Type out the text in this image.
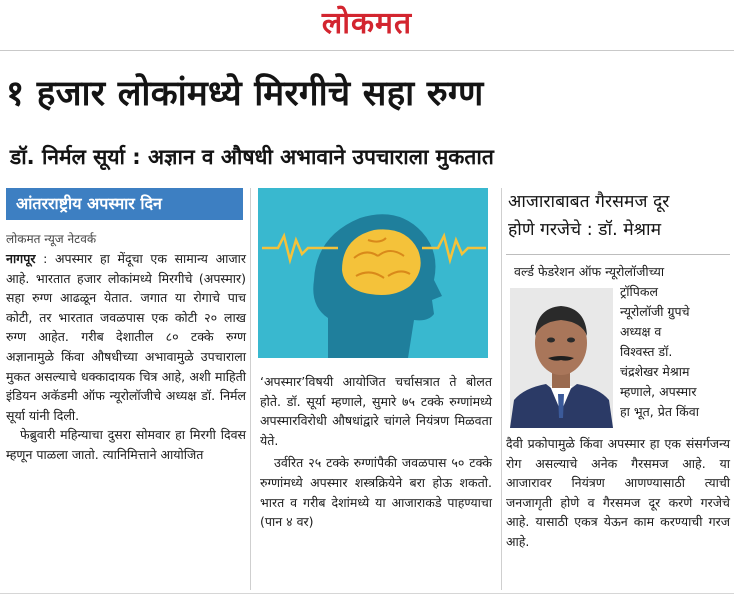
लोकमत
१ हजार लोकांमध्ये मिरगीचे सहा रुग्ण
डॉ. निर्मल सूर्या : अज्ञान व औषधी अभावाने उपचाराला मुकतात
आंतरराष्ट्रीय अपस्मार दिन
लोकमत न्यूज नेटवर्क

नागपूर : अपस्मार हा मेंदूचा एक सामान्य आजार आहे. भारतात हजार लोकांमध्ये मिरगीचे (अपस्मार) सहा रुग्ण आढळून येतात. जगात या रोगाचे पाच कोटी, तर भारतात जवळपास एक कोटी २० लाख रुग्ण आहेत. गरीब देशातील ८० टक्के रुग्ण अज्ञानामुळे किंवा औषधीच्या अभावामुळे उपचाराला मुकत असल्याचे धक्कादायक चित्र आहे, अशी माहिती इंडियन अकॅडमी ऑफ न्यूरोलॉजीचे अध्यक्ष डॉ. निर्मल सूर्या यांनी दिली.

फेब्रुवारी महिन्याचा दुसरा सोमवार हा मिरगी दिवस म्हणून पाळला जातो. त्यानिमित्ताने आयोजित

‘अपस्मार’विषयी आयोजित चर्चासत्रात ते बोलत होते. डॉ. सूर्या म्हणाले, सुमारे ७५ टक्के रुग्णांमध्ये अपस्मारविरोधी औषधांद्वारे चांगले नियंत्रण मिळवता येते.

उर्वरित २५ टक्के रुग्णांपैकी जवळपास ५० टक्के रुग्णांमध्ये अपस्मार शस्त्रक्रियेने बरा होऊ शकतो. भारत व गरीब देशांमध्ये या आजाराकडे पाहण्याचा (पान ४ वर)

आजाराबाबत गैरसमज दूर
होणे गरजेचे : डॉ. मेश्राम
वर्ल्ड फेडरेशन ऑफ न्यूरोलॉजीच्या
ट्रॉपिकल
न्यूरोलॉजी ग्रुपचे
अध्यक्ष व
विश्वस्त डॉ.
चंद्रशेखर मेश्राम
म्हणाले, अपस्मार
हा भूत, प्रेत किंवा
दैवी प्रकोपामुळे किंवा अपस्मार हा एक संसर्गजन्य रोग असल्याचे अनेक गैरसमज आहे. या आजारावर नियंत्रण आणण्यासाठी त्याची जनजागृती होणे व गैरसमज दूर करणे गरजेचे आहे. यासाठी एकत्र येऊन काम करण्याची गरज आहे.
